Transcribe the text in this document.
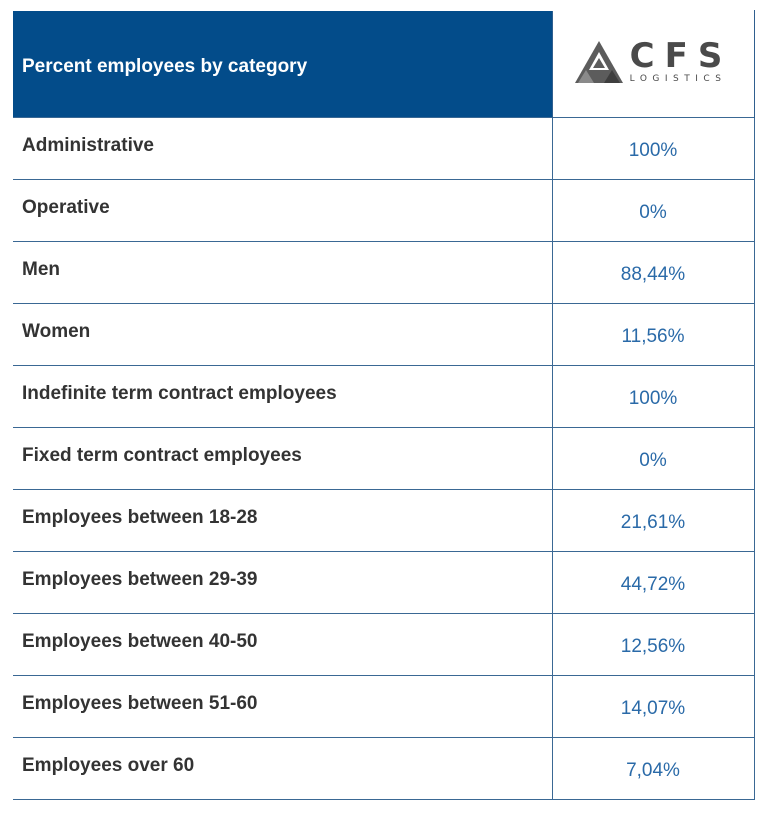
Percent employees by category	CFS
LOGISTICS

Administrative	100%
Operative	0%
Men	88,44%
Women	11,56%
Indefinite term contract employees	100%
Fixed term contract employees	0%
Employees between 18-28	21,61%
Employees between 29-39	44,72%
Employees between 40-50	12,56%
Employees between 51-60	14,07%
Employees over 60	7,04%
